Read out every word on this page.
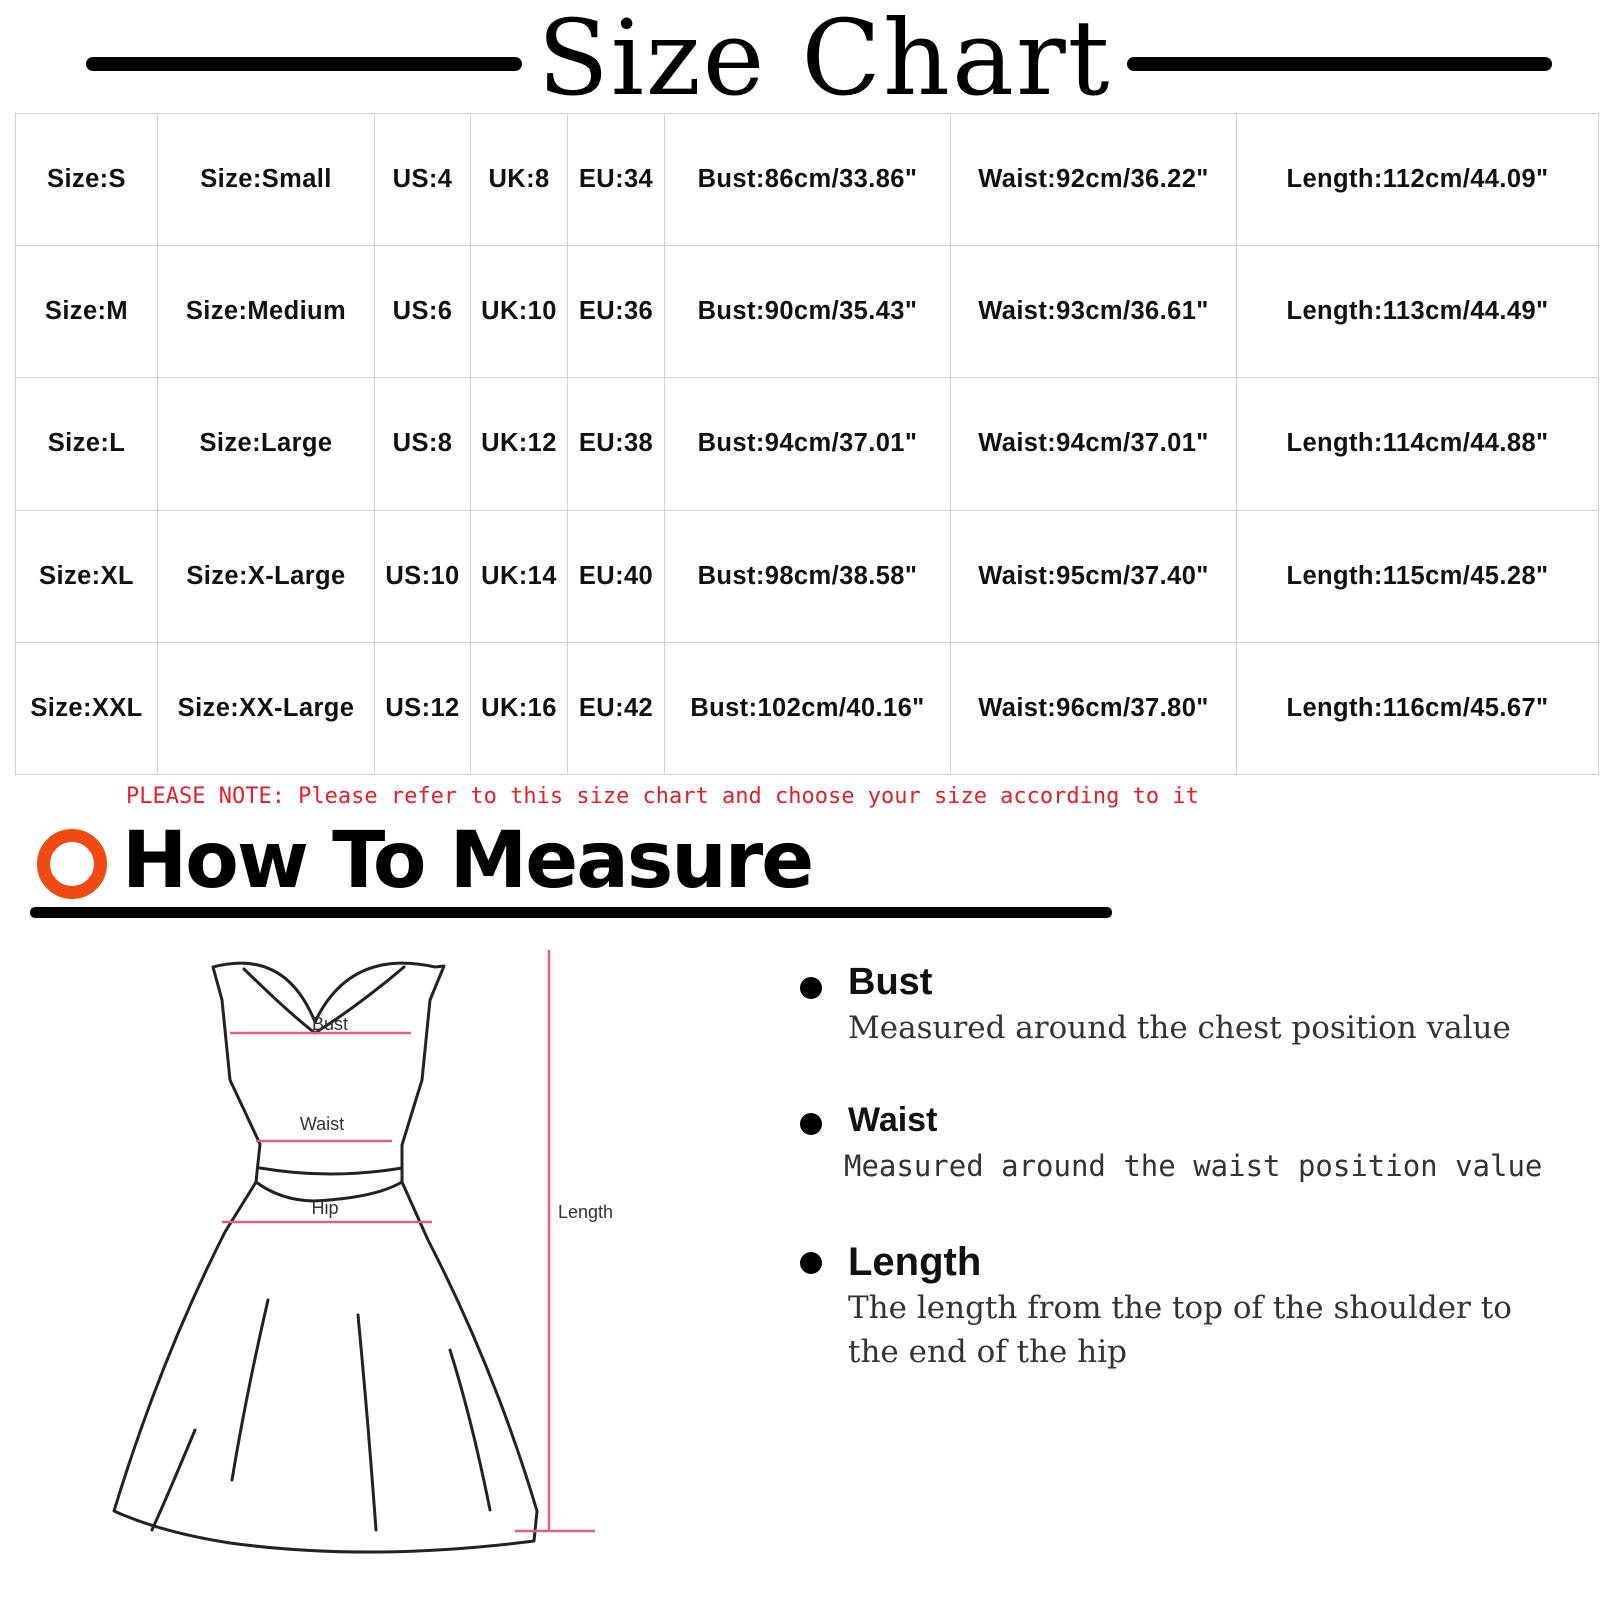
Size Chart
Size:S	Size:Small	US:4	UK:8	EU:34	Bust:86cm/33.86"	Waist:92cm/36.22"	Length:112cm/44.09"
Size:M	Size:Medium	US:6	UK:10	EU:36	Bust:90cm/35.43"	Waist:93cm/36.61"	Length:113cm/44.49"
Size:L	Size:Large	US:8	UK:12	EU:38	Bust:94cm/37.01"	Waist:94cm/37.01"	Length:114cm/44.88"
Size:XL	Size:X-Large	US:10	UK:14	EU:40	Bust:98cm/38.58"	Waist:95cm/37.40"	Length:115cm/45.28"
Size:XXL	Size:XX-Large	US:12	UK:16	EU:42	Bust:102cm/40.16"	Waist:96cm/37.80"	Length:116cm/45.67"
PLEASE NOTE: Please refer to this size chart and choose your size according to it
How To Measure
Bust
Waist
Hip	Length
Bust
Measured around the chest position value
Waist
Measured around the waist position value
Length
The length from the top of the shoulder to
the end of the hip
